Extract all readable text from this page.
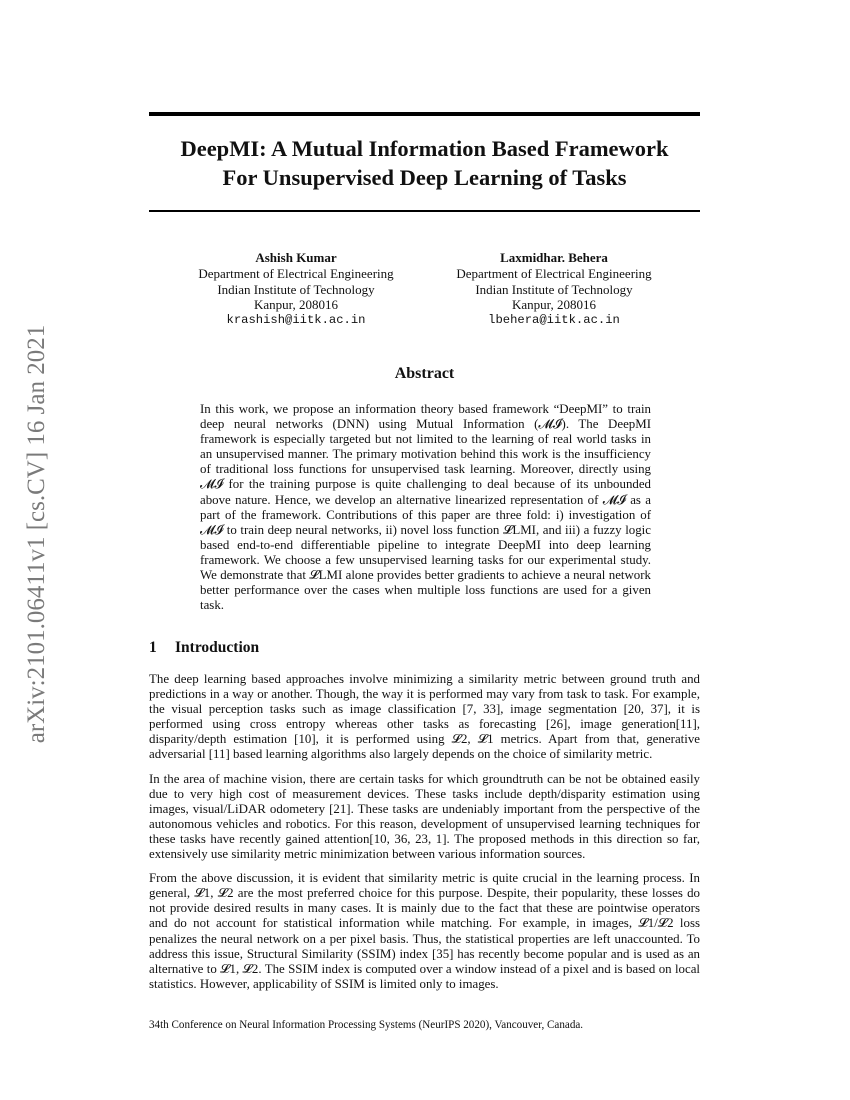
arXiv:2101.06411v1 [cs.CV] 16 Jan 2021
DeepMI: A Mutual Information Based Framework
For Unsupervised Deep Learning of Tasks
Ashish Kumar
Department of Electrical Engineering
Indian Institute of Technology
Kanpur, 208016
krashish@iitk.ac.in
Laxmidhar. Behera
Department of Electrical Engineering
Indian Institute of Technology
Kanpur, 208016
lbehera@iitk.ac.in
Abstract

In this work, we propose an information theory based framework “DeepMI” to train deep neural networks (DNN) using Mutual Information (𝓜𝓘). The DeepMI framework is especially targeted but not limited to the learning of real world tasks in an unsupervised manner. The primary motivation behind this work is the insufficiency of traditional loss functions for unsupervised task learning. Moreover, directly using 𝓜𝓘 for the training purpose is quite challenging to deal because of its unbounded above nature. Hence, we develop an alternative linearized representation of 𝓜𝓘 as a part of the framework. Contributions of this paper are three fold: i) investigation of 𝓜𝓘 to train deep neural networks, ii) novel loss function 𝓛LMI, and iii) a fuzzy logic based end-to-end differentiable pipeline to integrate DeepMI into deep learning framework. We choose a few unsupervised learning tasks for our experimental study. We demonstrate that 𝓛LMI alone provides better gradients to achieve a neural network better performance over the cases when multiple loss functions are used for a given task.

1 Introduction

The deep learning based approaches involve minimizing a similarity metric between ground truth and predictions in a way or another. Though, the way it is performed may vary from task to task. For example, the visual perception tasks such as image classification [7, 33], image segmentation [20, 37], it is performed using cross entropy whereas other tasks as forecasting [26], image generation[11], disparity/depth estimation [10], it is performed using 𝓛2, 𝓛1 metrics. Apart from that, generative adversarial [11] based learning algorithms also largely depends on the choice of similarity metric.

In the area of machine vision, there are certain tasks for which groundtruth can be not be obtained easily due to very high cost of measurement devices. These tasks include depth/disparity estimation using images, visual/LiDAR odometery [21]. These tasks are undeniably important from the perspective of the autonomous vehicles and robotics. For this reason, development of unsupervised learning techniques for these tasks have recently gained attention[10, 36, 23, 1]. The proposed methods in this direction so far, extensively use similarity metric minimization between various information sources.

From the above discussion, it is evident that similarity metric is quite crucial in the learning process. In general, 𝓛1, 𝓛2 are the most preferred choice for this purpose. Despite, their popularity, these losses do not provide desired results in many cases. It is mainly due to the fact that these are pointwise operators and do not account for statistical information while matching. For example, in images, 𝓛1/𝓛2 loss penalizes the neural network on a per pixel basis. Thus, the statistical properties are left unaccounted. To address this issue, Structural Similarity (SSIM) index [35] has recently become popular and is used as an alternative to 𝓛1, 𝓛2. The SSIM index is computed over a window instead of a pixel and is based on local statistics. However, applicability of SSIM is limited only to images.

34th Conference on Neural Information Processing Systems (NeurIPS 2020), Vancouver, Canada.
